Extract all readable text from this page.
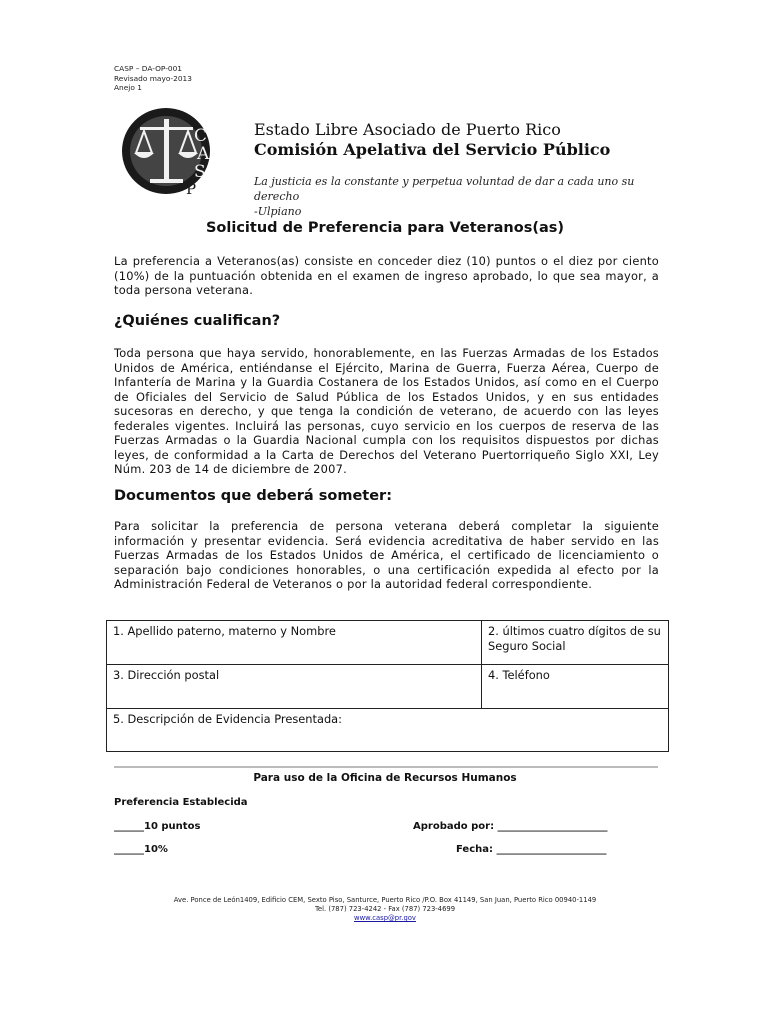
CASP – DA-OP-001
Revisado mayo-2013
Anejo 1
C
A
S
P
Estado Libre Asociado de Puerto Rico
Comisión Apelativa del Servicio Público
La justicia es la constante y perpetua voluntad de dar a cada uno su derecho
-Ulpiano
Solicitud de Preferencia para Veteranos(as)
La preferencia a Veteranos(as) consiste en conceder diez (10) puntos o el diez por ciento (10%) de la puntuación obtenida en el examen de ingreso aprobado, lo que sea mayor, a toda persona veterana.
¿Quiénes cualifican?
Toda persona que haya servido, honorablemente, en las Fuerzas Armadas de los Estados Unidos de América, entiéndanse el Ejército, Marina de Guerra, Fuerza Aérea, Cuerpo de Infantería de Marina y la Guardia Costanera de los Estados Unidos, así como en el Cuerpo de Oficiales del Servicio de Salud Pública de los Estados Unidos, y en sus entidades sucesoras en derecho, y que tenga la condición de veterano, de acuerdo con las leyes federales vigentes. Incluirá las personas, cuyo servicio en los cuerpos de reserva de las Fuerzas Armadas o la Guardia Nacional cumpla con los requisitos dispuestos por dichas leyes, de conformidad a la Carta de Derechos del Veterano Puertorriqueño Siglo XXI, Ley Núm. 203 de 14 de diciembre de 2007.
Documentos que deberá someter:
Para solicitar la preferencia de persona veterana deberá completar la siguiente información y presentar evidencia. Será evidencia acreditativa de haber servido en las Fuerzas Armadas de los Estados Unidos de América, el certificado de licenciamiento o separación bajo condiciones honorables, o una certificación expedida al efecto por la Administración Federal de Veteranos o por la autoridad federal correspondiente.
1. Apellido paterno, materno y Nombre	2. últimos cuatro dígitos de su Seguro Social
3. Dirección postal	4. Teléfono
5. Descripción de Evidencia Presentada:	
Para uso de la Oficina de Recursos Humanos
Preferencia Establecida
______10 puntos
______10%
Aprobado por: ______________________
Fecha: ______________________
Ave. Ponce de León1409, Edificio CEM, Sexto Piso, Santurce, Puerto Rico /P.O. Box 41149, San Juan, Puerto Rico 00940-1149
Tel. (787) 723-4242 - Fax (787) 723-4699
www.casp@pr.gov
